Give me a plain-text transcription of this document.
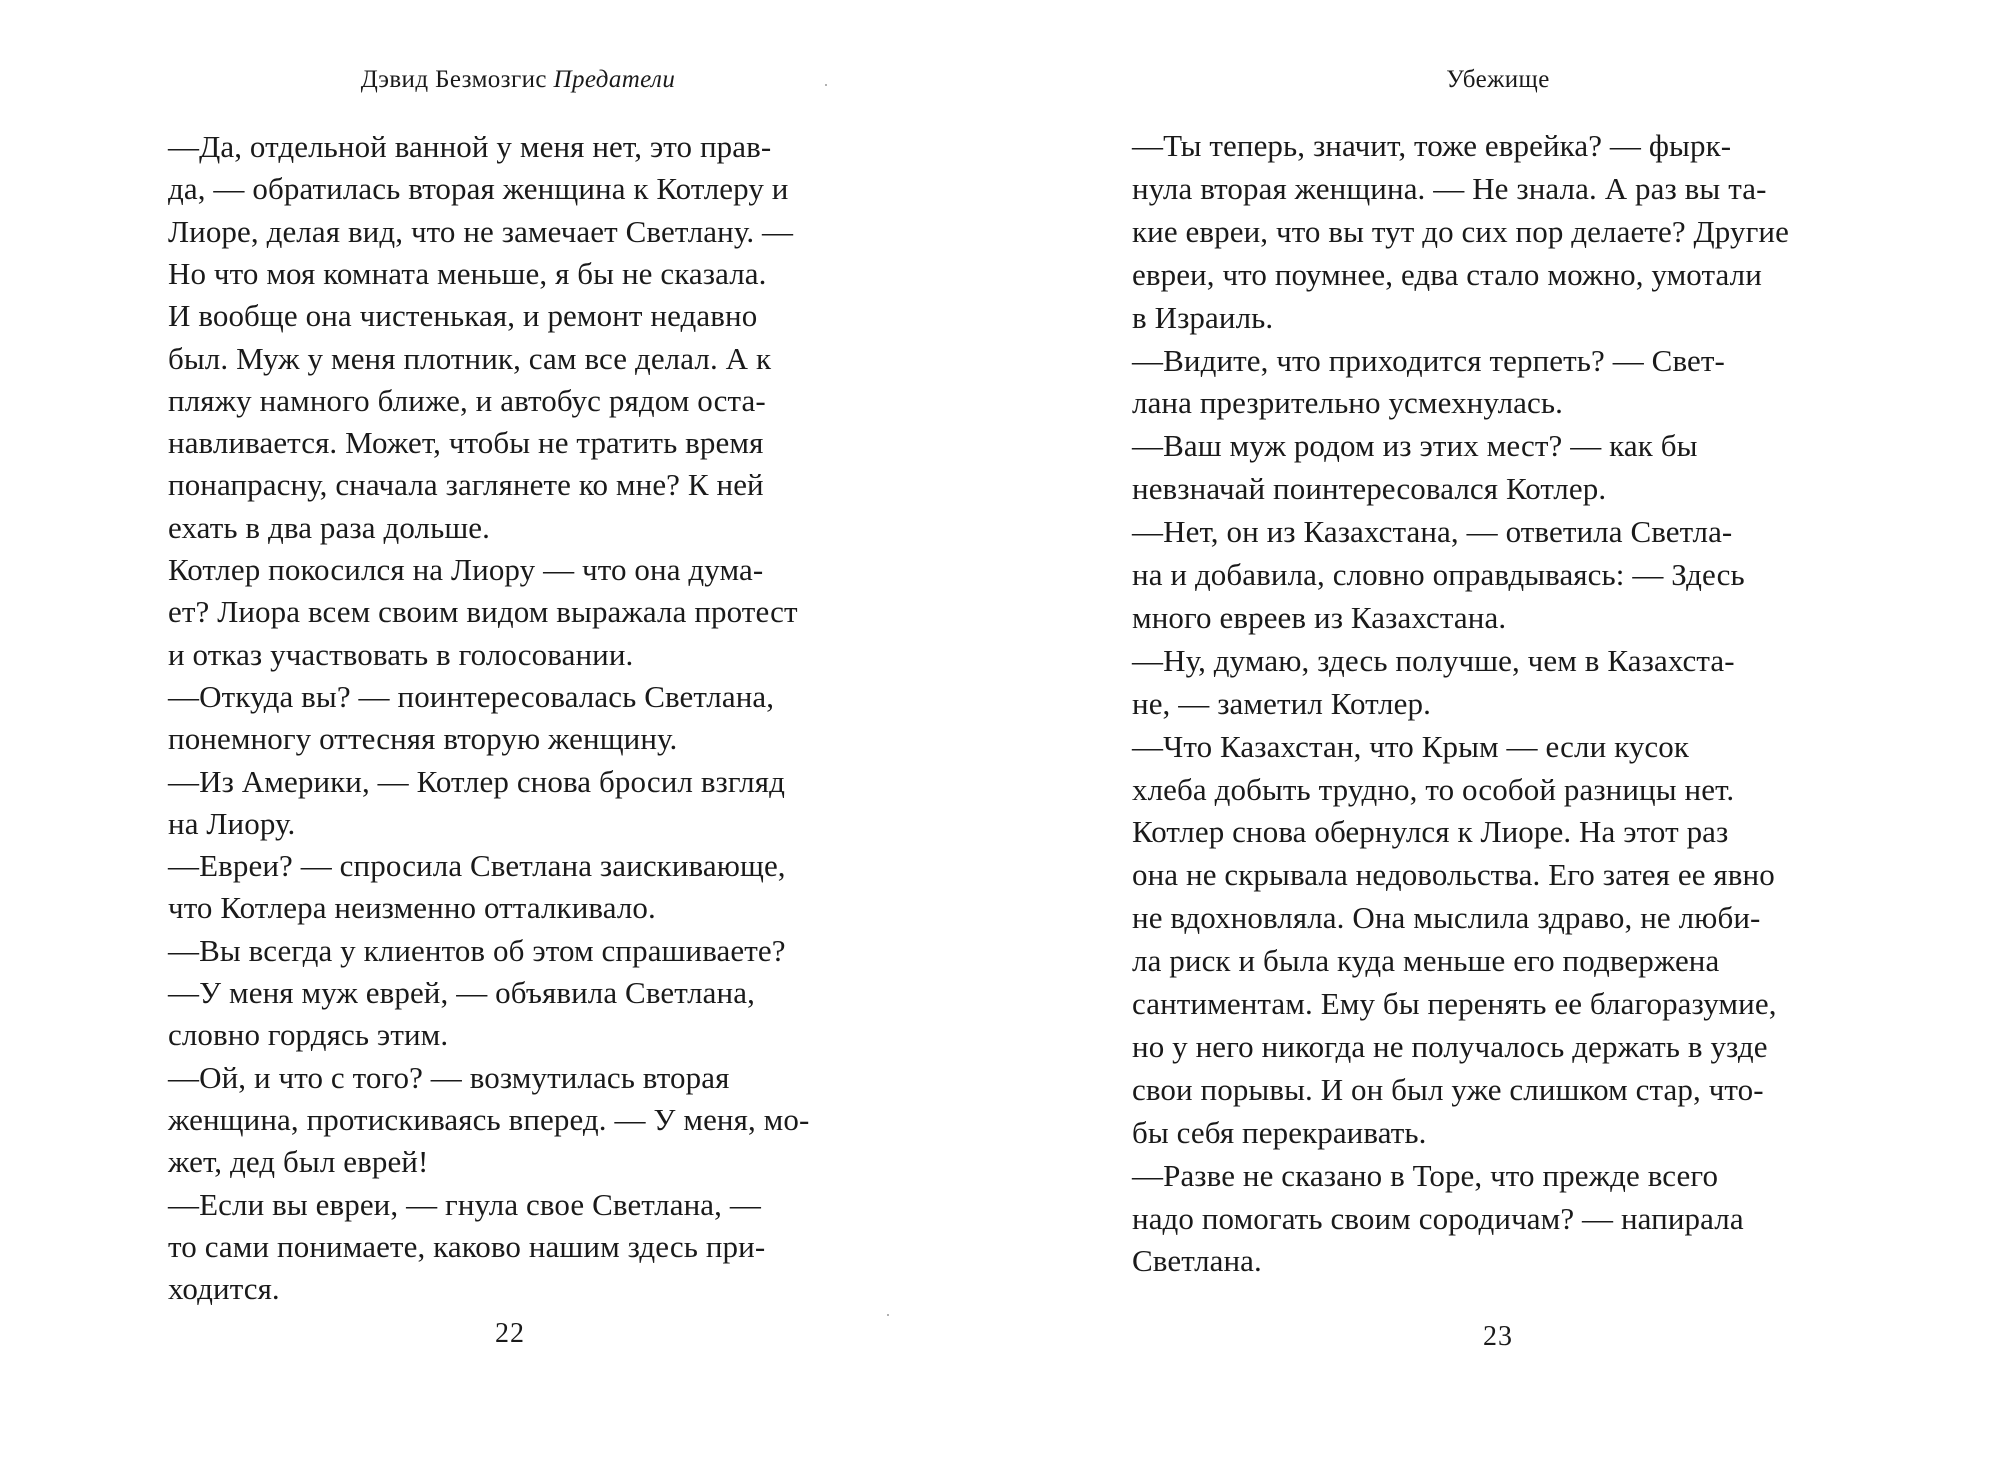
Дэвид Безмозгис Предатели
—Да, отдельной ванной у меня нет, это прав-
да, — обратилась вторая женщина к Котлеру и
Лиоре, делая вид, что не замечает Светлану. —
Но что моя комната меньше, я бы не сказала.
И вообще она чистенькая, и ремонт недавно
был. Муж у меня плотник, сам все делал. А к
пляжу намного ближе, и автобус рядом оста-
навливается. Может, чтобы не тратить время
понапрасну, сначала заглянете ко мне? К ней
ехать в два раза дольше.
Котлер покосился на Лиору — что она дума-
ет? Лиора всем своим видом выражала протест
и отказ участвовать в голосовании.
—Откуда вы? — поинтересовалась Светлана,
понемногу оттесняя вторую женщину.
—Из Америки, — Котлер снова бросил взгляд
на Лиору.
—Евреи? — спросила Светлана заискивающе,
что Котлера неизменно отталкивало.
—Вы всегда у клиентов об этом спрашиваете?
—У меня муж еврей, — объявила Светлана,
словно гордясь этим.
—Ой, и что с того? — возмутилась вторая
женщина, протискиваясь вперед. — У меня, мо-
жет, дед был еврей!
—Если вы евреи, — гнула свое Светлана, —
то сами понимаете, каково нашим здесь при-
ходится.
22
Убежище
—Ты теперь, значит, тоже еврейка? — фырк-
нула вторая женщина. — Не знала. А раз вы та-
кие евреи, что вы тут до сих пор делаете? Другие
евреи, что поумнее, едва стало можно, умотали
в Израиль.
—Видите, что приходится терпеть? — Свет-
лана презрительно усмехнулась.
—Ваш муж родом из этих мест? — как бы
невзначай поинтересовался Котлер.
—Нет, он из Казахстана, — ответила Светла-
на и добавила, словно оправдываясь: — Здесь
много евреев из Казахстана.
—Ну, думаю, здесь получше, чем в Казахста-
не, — заметил Котлер.
—Что Казахстан, что Крым — если кусок
хлеба добыть трудно, то особой разницы нет.
Котлер снова обернулся к Лиоре. На этот раз
она не скрывала недовольства. Его затея ее явно
не вдохновляла. Она мыслила здраво, не люби-
ла риск и была куда меньше его подвержена
сантиментам. Ему бы перенять ее благоразумие,
но у него никогда не получалось держать в узде
свои порывы. И он был уже слишком стар, что-
бы себя перекраивать.
—Разве не сказано в Торе, что прежде всего
надо помогать своим сородичам? — напирала
Светлана.
23
